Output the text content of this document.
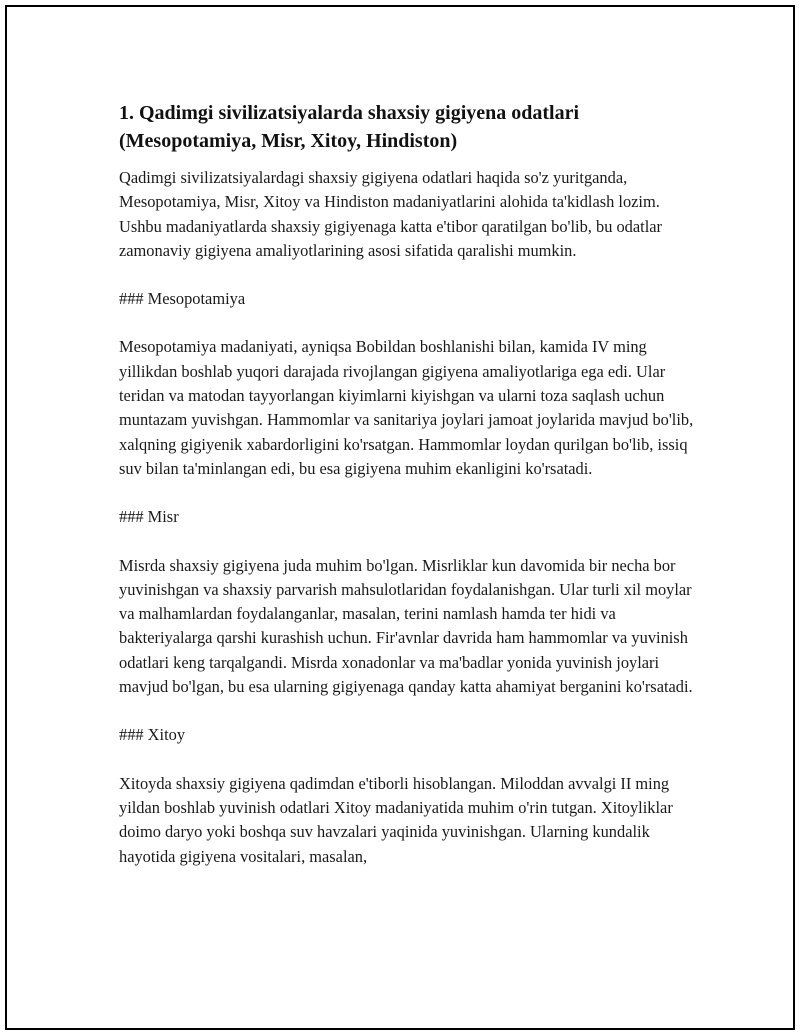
1. Qadimgi sivilizatsiyalarda shaxsiy gigiyena odatlari (Mesopotamiya, Misr, Xitoy, Hindiston)

Qadimgi sivilizatsiyalardagi shaxsiy gigiyena odatlari haqida so'z yuritganda, Mesopotamiya, Misr, Xitoy va Hindiston madaniyatlarini alohida ta'kidlash lozim. Ushbu madaniyatlarda shaxsiy gigiyenaga katta e'tibor qaratilgan bo'lib, bu odatlar zamonaviy gigiyena amaliyotlarining asosi sifatida qaralishi mumkin.

### Mesopotamiya

Mesopotamiya madaniyati, ayniqsa Bobildan boshlanishi bilan, kamida IV ming yillikdan boshlab yuqori darajada rivojlangan gigiyena amaliyotlariga ega edi. Ular teridan va matodan tayyorlangan kiyimlarni kiyishgan va ularni toza saqlash uchun muntazam yuvishgan. Hammomlar va sanitariya joylari jamoat joylarida mavjud bo'lib, xalqning gigiyenik xabardorligini ko'rsatgan. Hammomlar loydan qurilgan bo'lib, issiq suv bilan ta'minlangan edi, bu esa gigiyena muhim ekanligini ko'rsatadi.

### Misr

Misrda shaxsiy gigiyena juda muhim bo'lgan. Misrliklar kun davomida bir necha bor yuvinishgan va shaxsiy parvarish mahsulotlaridan foydalanishgan. Ular turli xil moylar va malhamlardan foydalanganlar, masalan, terini namlash hamda ter hidi va bakteriyalarga qarshi kurashish uchun. Fir'avnlar davrida ham hammomlar va yuvinish odatlari keng tarqalgandi. Misrda xonadonlar va ma'badlar yonida yuvinish joylari mavjud bo'lgan, bu esa ularning gigiyenaga qanday katta ahamiyat berganini ko'rsatadi.

### Xitoy

Xitoyda shaxsiy gigiyena qadimdan e'tiborli hisoblangan. Miloddan avvalgi II ming yildan boshlab yuvinish odatlari Xitoy madaniyatida muhim o'rin tutgan. Xitoyliklar doimo daryo yoki boshqa suv havzalari yaqinida yuvinishgan. Ularning kundalik hayotida gigiyena vositalari, masalan,
